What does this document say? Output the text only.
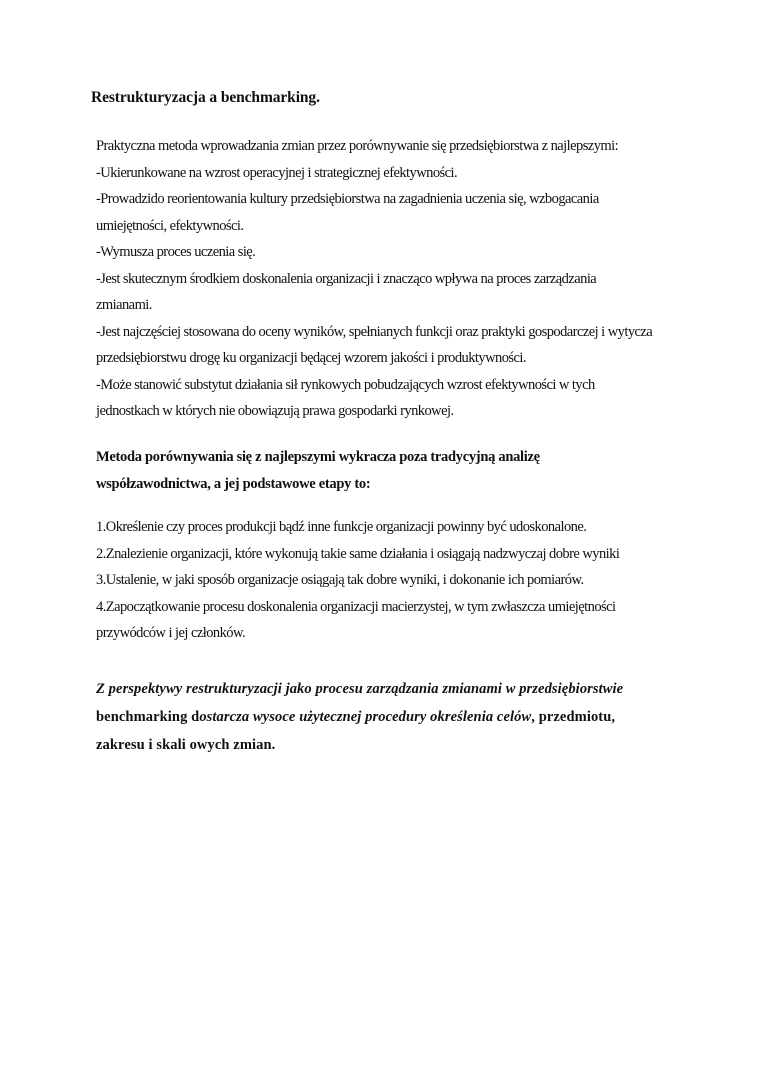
Restrukturyzacja a benchmarking.

Praktyczna metoda wprowadzania zmian przez porównywanie się przedsiębiorstwa z najlepszymi:

-Ukierunkowane na wzrost operacyjnej i strategicznej efektywności.

-Prowadzido reorientowania kultury przedsiębiorstwa na zagadnienia uczenia się, wzbogacania

umiejętności, efektywności.

-Wymusza proces uczenia się.

-Jest skutecznym środkiem doskonalenia organizacji i znacząco wpływa na proces zarządzania

zmianami.

-Jest najczęściej stosowana do oceny wyników, spełnianych funkcji oraz praktyki gospodarczej i wytycza

przedsiębiorstwu drogę ku organizacji będącej wzorem jakości i produktywności.

-Może stanowić substytut działania sił rynkowych pobudzających wzrost efektywności w tych

jednostkach w których nie obowiązują prawa gospodarki rynkowej.

Metoda porównywania się z najlepszymi wykracza poza tradycyjną analizę
współzawodnictwa, a jej podstawowe etapy to:

1.Określenie czy proces produkcji bądź inne funkcje organizacji powinny być udoskonalone.

2.Znalezienie organizacji, które wykonują takie same działania i osiągają nadzwyczaj dobre wyniki

3.Ustalenie, w jaki sposób organizacje osiągają tak dobre wyniki, i dokonanie ich pomiarów.

4.Zapoczątkowanie procesu doskonalenia organizacji macierzystej, w tym zwłaszcza umiejętności

przywódców i jej członków.

Z perspektywy restrukturyzacji jako procesu zarządzania zmianami w przedsiębiorstwie
benchmarking dostarcza wysoce użytecznej procedury określenia celów, przedmiotu,
zakresu i skali owych zmian.
